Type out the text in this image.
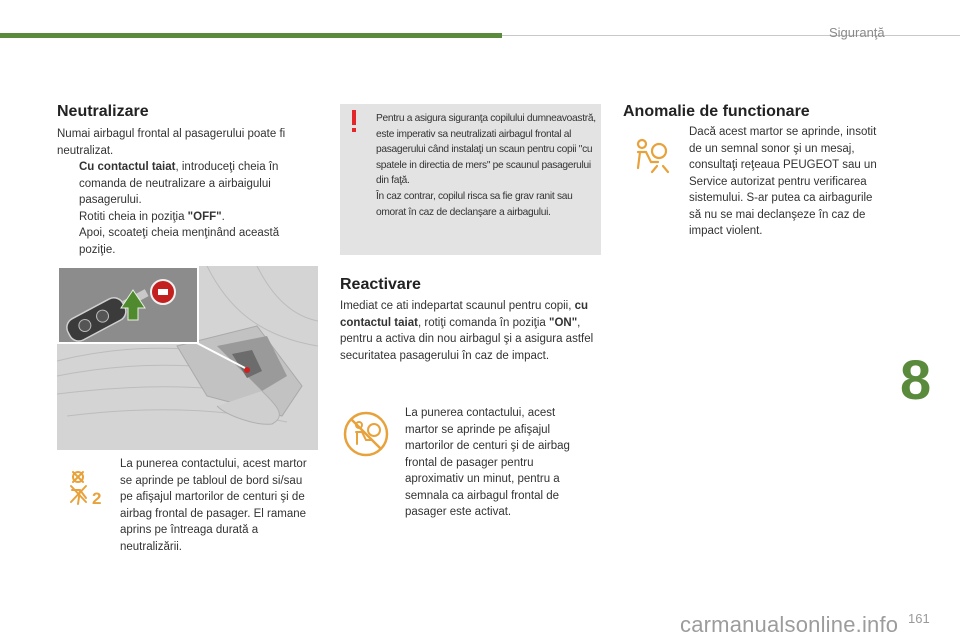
Siguranţă
Neutralizare
Numai airbagul frontal al pasagerului poate fi neutralizat.
Cu contactul taiat, introduceţi cheia în comanda de neutralizare a airbaigului pasagerului.
Rotiti cheia in poziţia "OFF".
Apoi, scoateţi cheia menţinând această poziţie.
2
La punerea contactului, acest martor se aprinde pe tabloul de bord si/sau pe afişajul martorilor de centuri şi de airbag frontal de pasager. El ramane aprins pe întreaga durată a neutralizării.
Pentru a asigura siguranţa copilului dumneavoastră, este imperativ sa neutralizati airbagul frontal al pasagerului când instalaţi un scaun pentru copii "cu spatele in directia de mers" pe scaunul pasagerului din faţă.
În caz contrar, copilul risca sa fie grav ranit sau omorat în caz de declanşare a airbagului.
Reactivare
Imediat ce ati indepartat scaunul pentru copii, cu contactul taiat, rotiţi comanda în poziţia "ON", pentru a activa din nou airbagul şi a asigura astfel securitatea pasagerului în caz de impact.
La punerea contactului, acest martor se aprinde pe afişajul martorilor de centuri şi de airbag frontal de pasager pentru aproximativ un minut, pentru a semnala ca airbagul frontal de pasager este activat.
Anomalie de functionare
Dacă acest martor se aprinde, insotit de un semnal sonor şi un mesaj, consultaţi reţeaua PEUGEOT sau un Service autorizat pentru verificarea sistemului. S-ar putea ca airbagurile să nu se mai declanşeze în caz de impact violent.
8
carmanualsonline.info 161
